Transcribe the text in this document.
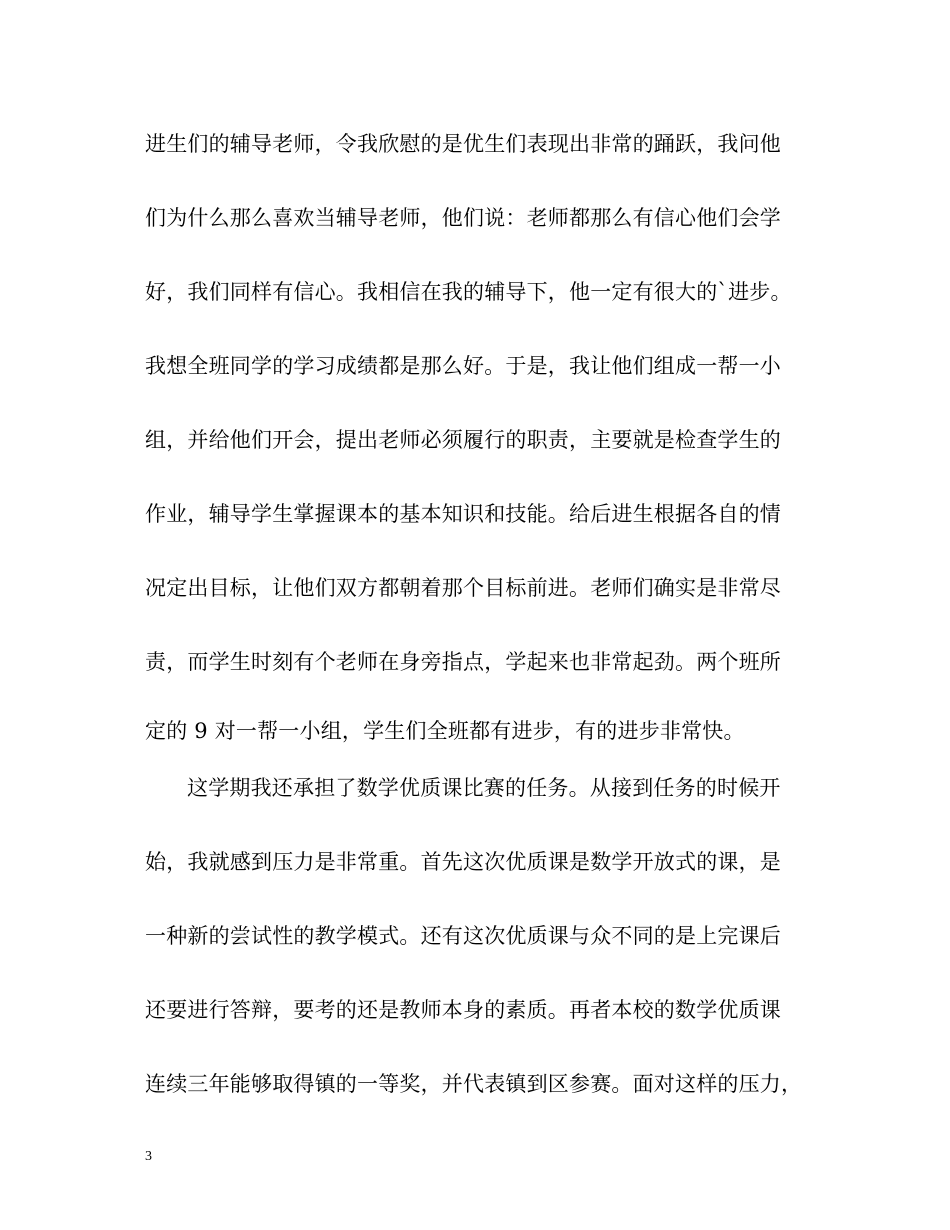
进生们的辅导老师，令我欣慰的是优生们表现出非常的踊跃，我问他
们为什么那么喜欢当辅导老师，他们说：老师都那么有信心他们会学
好，我们同样有信心。我相信在我的辅导下，他一定有很大的`进步。
我想全班同学的学习成绩都是那么好。于是，我让他们组成一帮一小
组，并给他们开会，提出老师必须履行的职责，主要就是检查学生的
作业，辅导学生掌握课本的基本知识和技能。给后进生根据各自的情
况定出目标，让他们双方都朝着那个目标前进。老师们确实是非常尽
责，而学生时刻有个老师在身旁指点，学起来也非常起劲。两个班所
定的 9 对一帮一小组，学生们全班都有进步，有的进步非常快。
这学期我还承担了数学优质课比赛的任务。从接到任务的时候开
始，我就感到压力是非常重。首先这次优质课是数学开放式的课，是
一种新的尝试性的教学模式。还有这次优质课与众不同的是上完课后
还要进行答辩，要考的还是教师本身的素质。再者本校的数学优质课
连续三年能够取得镇的一等奖，并代表镇到区参赛。面对这样的压力，
3
